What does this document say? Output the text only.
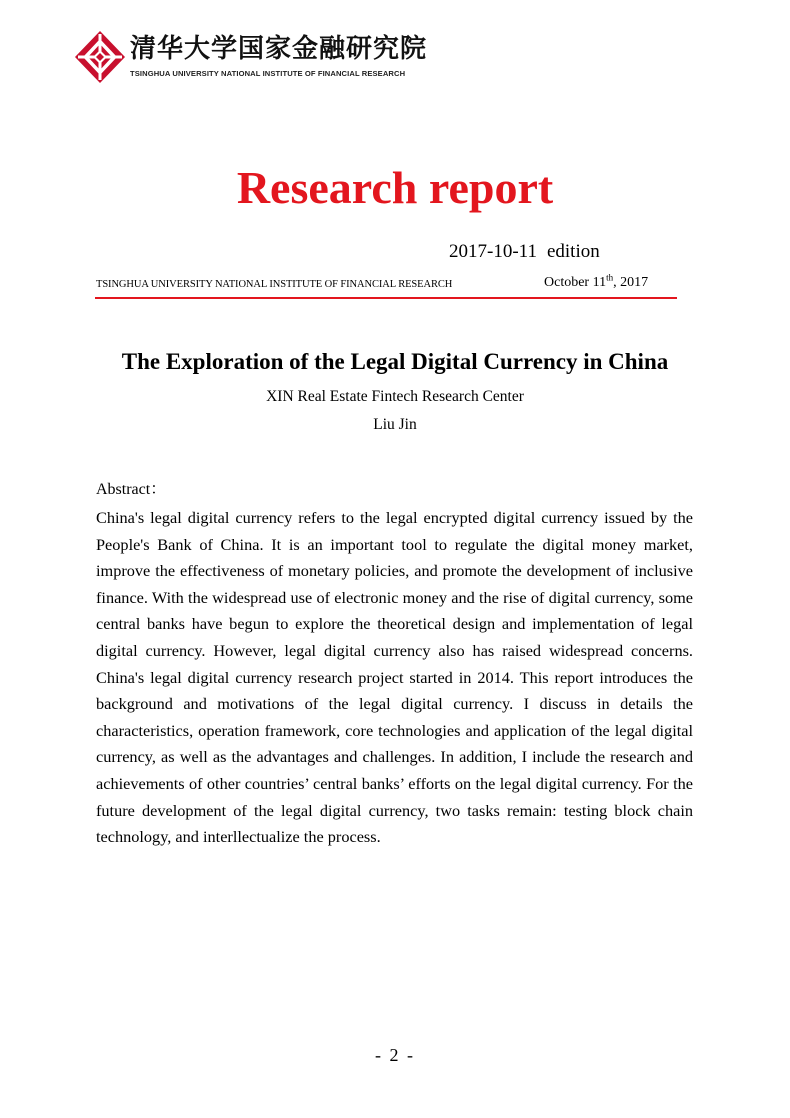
清华大学国家金融研究院
TSINGHUA UNIVERSITY NATIONAL INSTITUTE OF FINANCIAL RESEARCH
Research report
2017-10-11 edition
TSINGHUA UNIVERSITY NATIONAL INSTITUTE OF FINANCIAL RESEARCH	October 11th, 2017
The Exploration of the Legal Digital Currency in China
XIN Real Estate Fintech Research Center
Liu Jin
Abstract：
China's legal digital currency refers to the legal encrypted digital currency issued by the People's Bank of China. It is an important tool to regulate the digital money market, improve the effectiveness of monetary policies, and promote the development of inclusive finance. With the widespread use of electronic money and the rise of digital currency, some central banks have begun to explore the theoretical design and implementation of legal digital currency. However, legal digital currency also has raised widespread concerns. China's legal digital currency research project started in 2014. This report introduces the background and motivations of the legal digital currency. I discuss in details the characteristics, operation framework, core technologies and application of the legal digital currency, as well as the advantages and challenges. In addition, I include the research and achievements of other countries’ central banks’ efforts on the legal digital currency. For the future development of the legal digital currency, two tasks remain: testing block chain technology, and interllectualize the process.
- 2 -
